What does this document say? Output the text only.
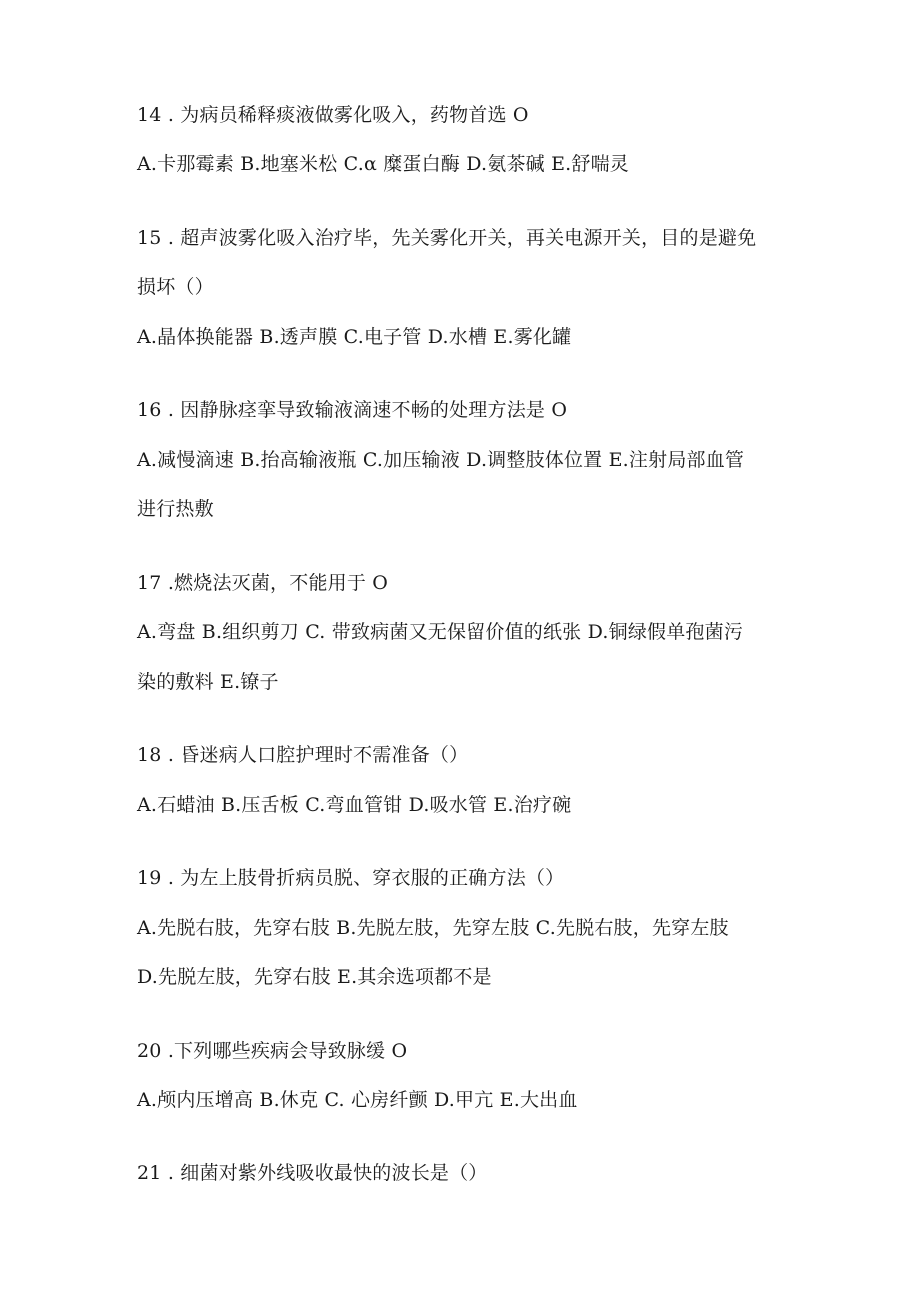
14 . 为病员稀释痰液做雾化吸入，药物首选 O
A.卡那霉素 B.地塞米松 C.α 糜蛋白酶 D.氨茶碱 E.舒喘灵
15 . 超声波雾化吸入治疗毕，先关雾化开关，再关电源开关，目的是避免
损坏（）
A.晶体换能器 B.透声膜 C.电子管 D.水槽 E.雾化罐
16 . 因静脉痉挛导致输液滴速不畅的处理方法是 O
A.减慢滴速 B.抬高输液瓶 C.加压输液 D.调整肢体位置 E.注射局部血管
进行热敷
17 .燃烧法灭菌，不能用于 O
A.弯盘 B.组织剪刀 C. 带致病菌又无保留价值的纸张 D.铜绿假单孢菌污
染的敷料 E.镣子
18 . 昏迷病人口腔护理时不需准备（）
A.石蜡油 B.压舌板 C.弯血管钳 D.吸水管 E.治疗碗
19 . 为左上肢骨折病员脱、穿衣服的正确方法（）
A.先脱右肢，先穿右肢 B.先脱左肢，先穿左肢 C.先脱右肢，先穿左肢
D.先脱左肢，先穿右肢 E.其余选项都不是
20 .下列哪些疾病会导致脉缓 O
A.颅内压增高 B.休克 C. 心房纤颤 D.甲亢 E.大出血
21 . 细菌对紫外线吸收最快的波长是（）
